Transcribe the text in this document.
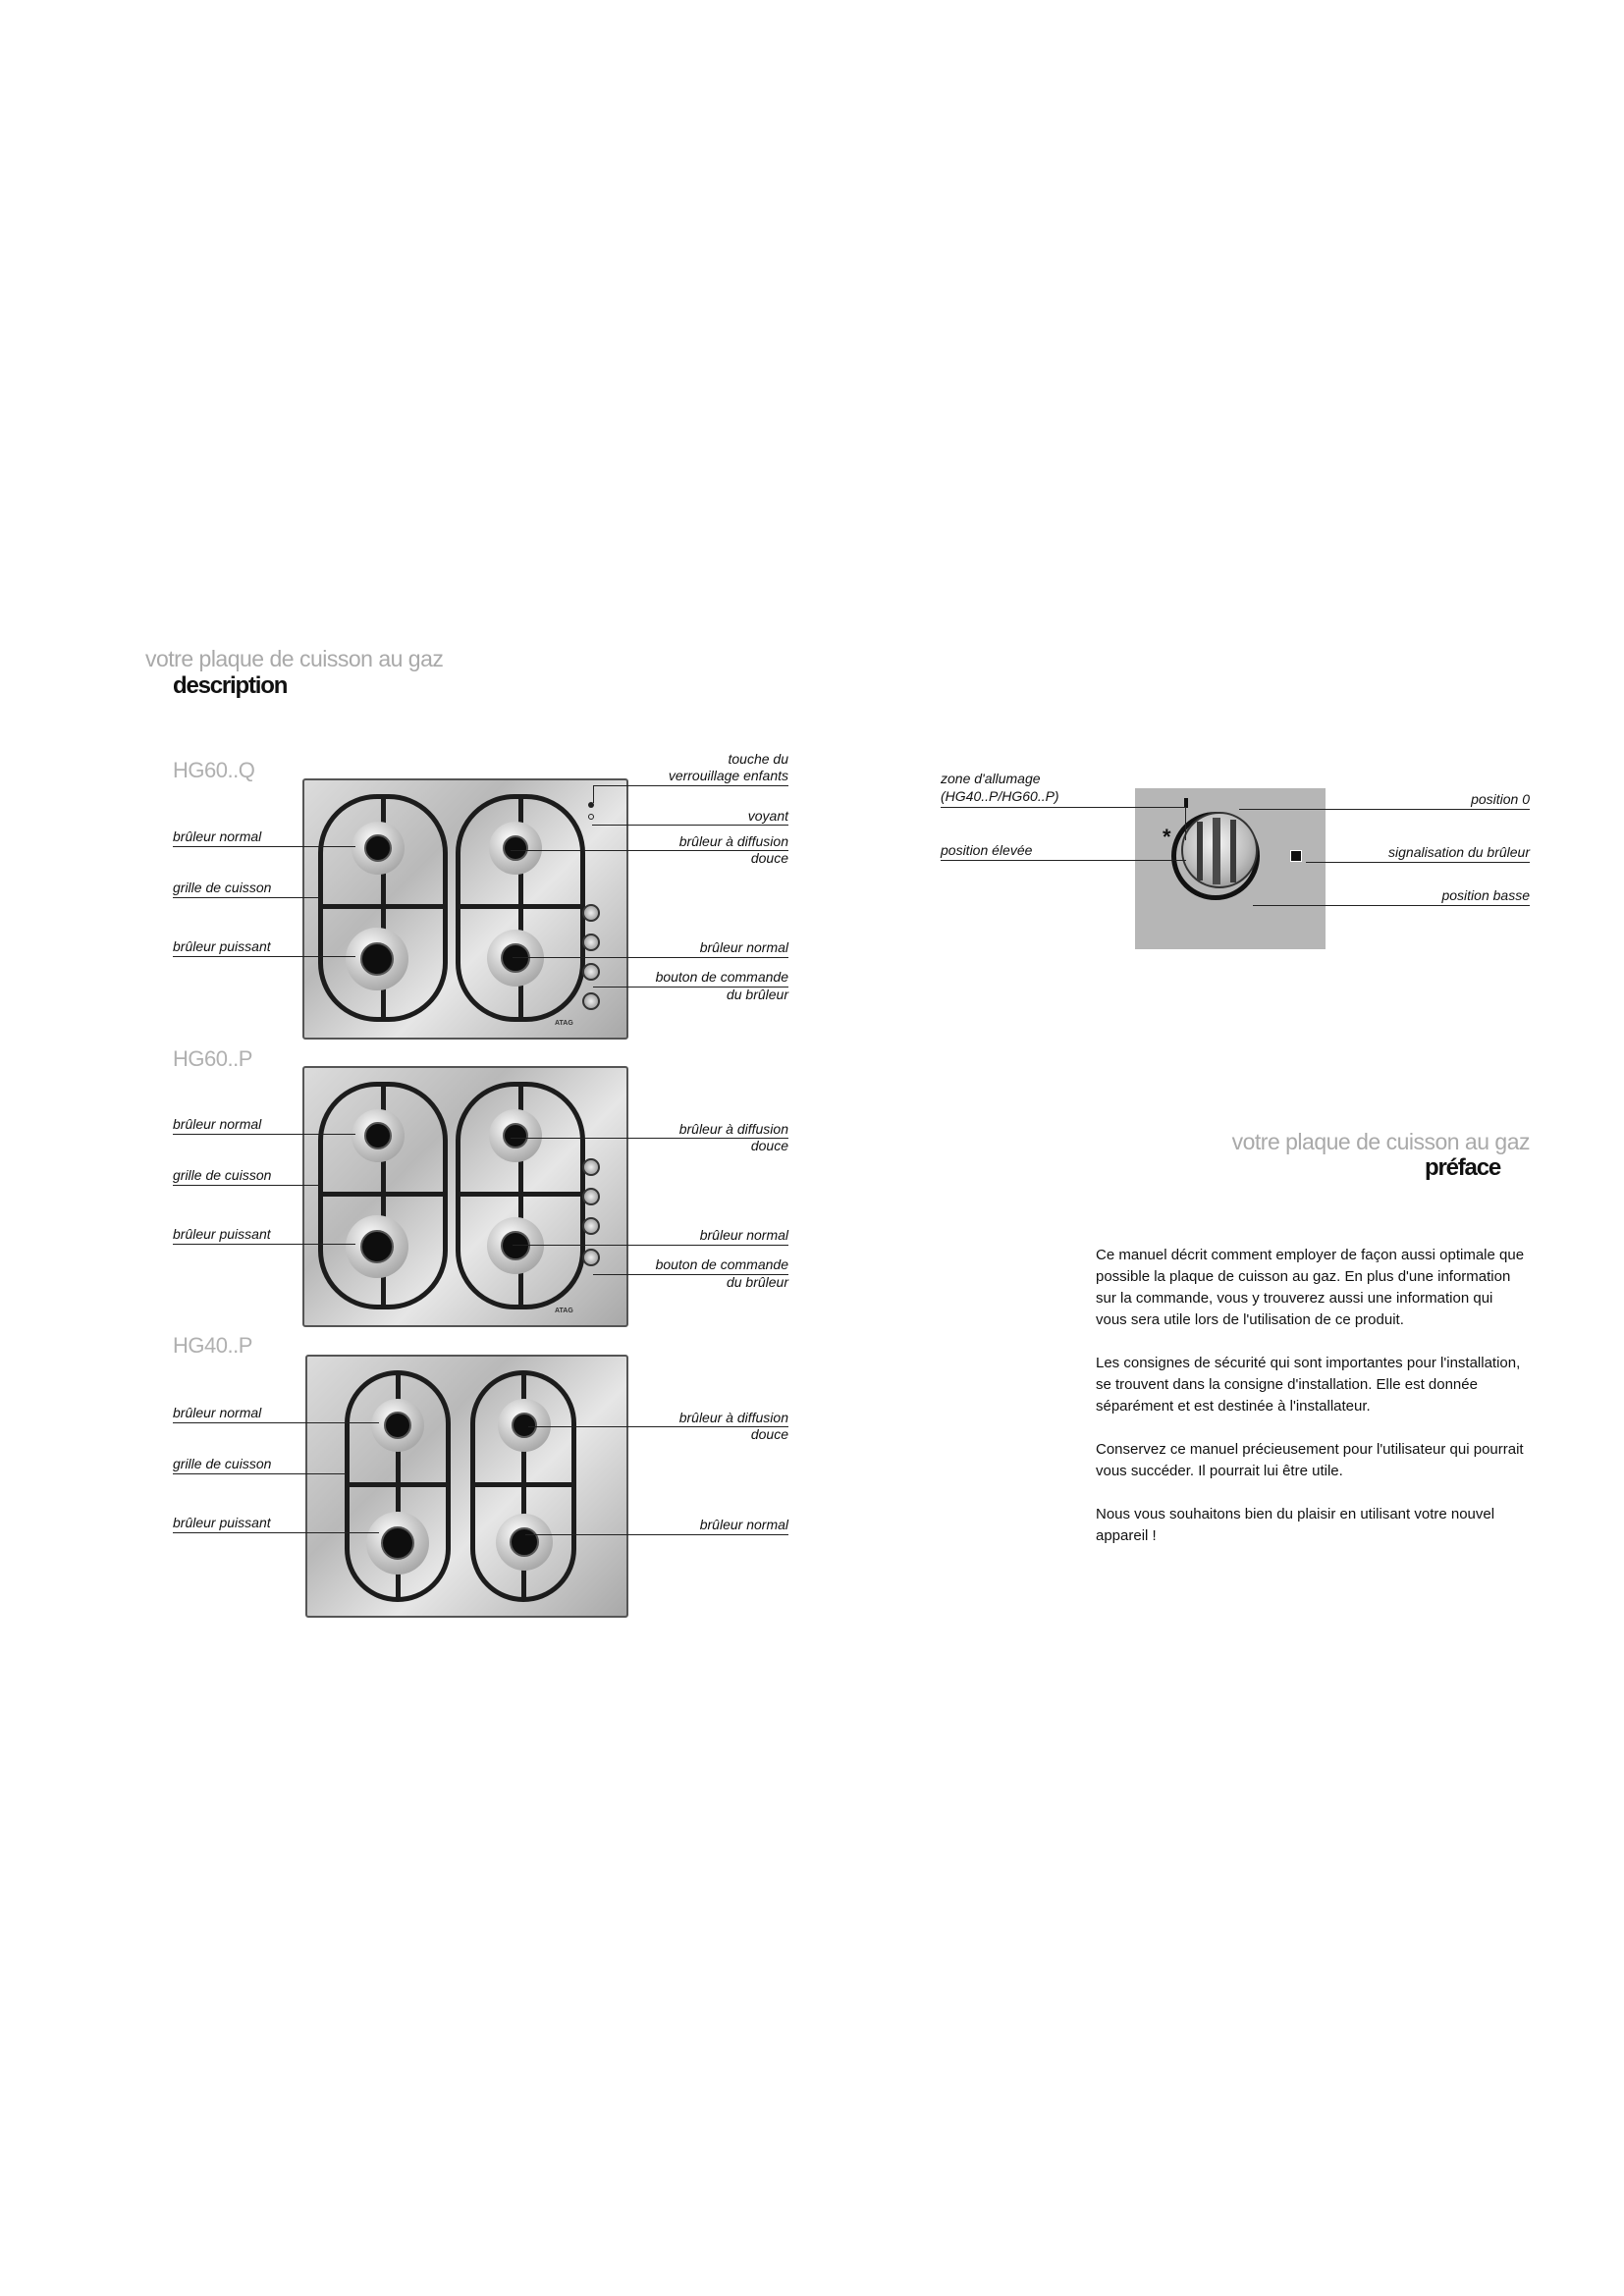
votre plaque de cuisson au gaz
description
HG60..Q
ATAG
brûleur normal
grille de cuisson
brûleur puissant
touche du
verrouillage enfants
voyant
brûleur à diffusion
douce
brûleur normal
bouton de commande
du brûleur
HG60..P
ATAG
brûleur normal
grille de cuisson
brûleur puissant
brûleur à diffusion
douce
brûleur normal
bouton de commande
du brûleur
HG40..P
brûleur normal
grille de cuisson
brûleur puissant
brûleur à diffusion
douce
brûleur normal
*
zone d'allumage
(HG40..P/HG60..P)
position élevée
position 0
signalisation du brûleur
position basse
votre plaque de cuisson au gaz
préface

Ce manuel décrit comment employer de façon aussi optimale que possible la plaque de cuisson au gaz. En plus d'une information sur la commande, vous y trouverez aussi une information qui vous sera utile lors de l'utilisation de ce produit.

Les consignes de sécurité qui sont importantes pour l'installation, se trouvent dans la consigne d'installation. Elle est donnée séparément et est destinée à l'installateur.

Conservez ce manuel précieusement pour l'utilisateur qui pourrait vous succéder. Il pourrait lui être utile.

Nous vous souhaitons bien du plaisir en utilisant votre nouvel appareil !
